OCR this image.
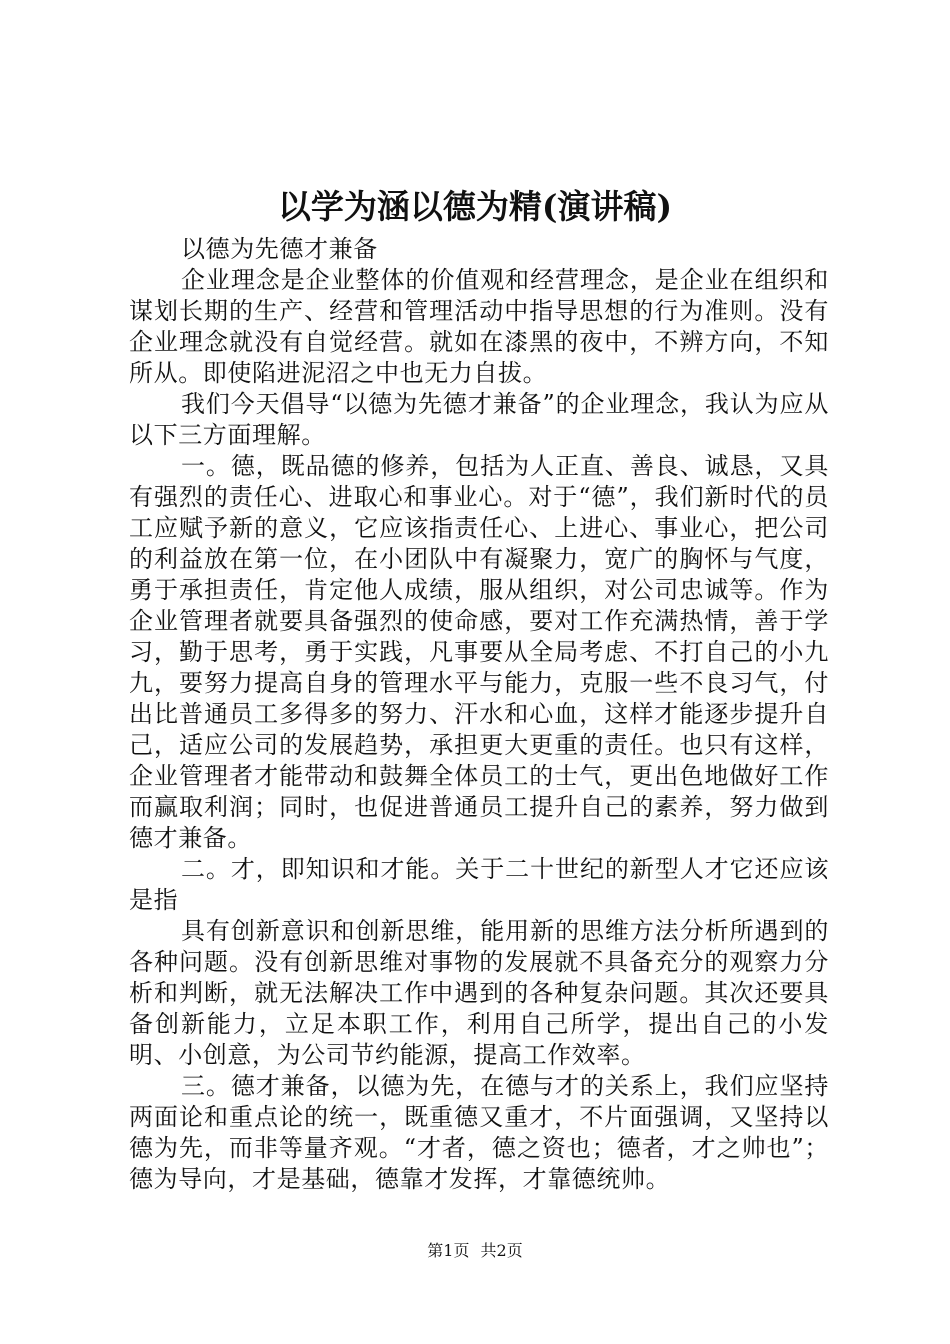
以学为涵以德为精(演讲稿)

以德为先德才兼备

企业理念是企业整体的价值观和经营理念，是企业在组织和谋划长期的生产、经营和管理活动中指导思想的行为准则。没有企业理念就没有自觉经营。就如在漆黑的夜中，不辨方向，不知所从。即使陷进泥沼之中也无力自拔。

我们今天倡导“以德为先德才兼备”的企业理念，我认为应从以下三方面理解。

一。德，既品德的修养，包括为人正直、善良、诚恳，又具有强烈的责任心、进取心和事业心。对于“德”，我们新时代的员工应赋予新的意义，它应该指责任心、上进心、事业心，把公司的利益放在第一位，在小团队中有凝聚力，宽广的胸怀与气度，勇于承担责任，肯定他人成绩，服从组织，对公司忠诚等。作为企业管理者就要具备强烈的使命感，要对工作充满热情，善于学习，勤于思考，勇于实践，凡事要从全局考虑、不打自己的小九九，要努力提高自身的管理水平与能力，克服一些不良习气，付出比普通员工多得多的努力、汗水和心血，这样才能逐步提升自己，适应公司的发展趋势，承担更大更重的责任。也只有这样，企业管理者才能带动和鼓舞全体员工的士气，更出色地做好工作而赢取利润；同时，也促进普通员工提升自己的素养，努力做到德才兼备。

二。才，即知识和才能。关于二十世纪的新型人才它还应该是指

具有创新意识和创新思维，能用新的思维方法分析所遇到的各种问题。没有创新思维对事物的发展就不具备充分的观察力分析和判断，就无法解决工作中遇到的各种复杂问题。其次还要具备创新能力，立足本职工作，利用自己所学，提出自己的小发明、小创意，为公司节约能源，提高工作效率。

三。德才兼备，以德为先，在德与才的关系上，我们应坚持两面论和重点论的统一，既重德又重才，不片面强调，又坚持以德为先，而非等量齐观。“才者，德之资也；德者，才之帅也”；德为导向，才是基础，德靠才发挥，才靠德统帅。

第1页 共2页
